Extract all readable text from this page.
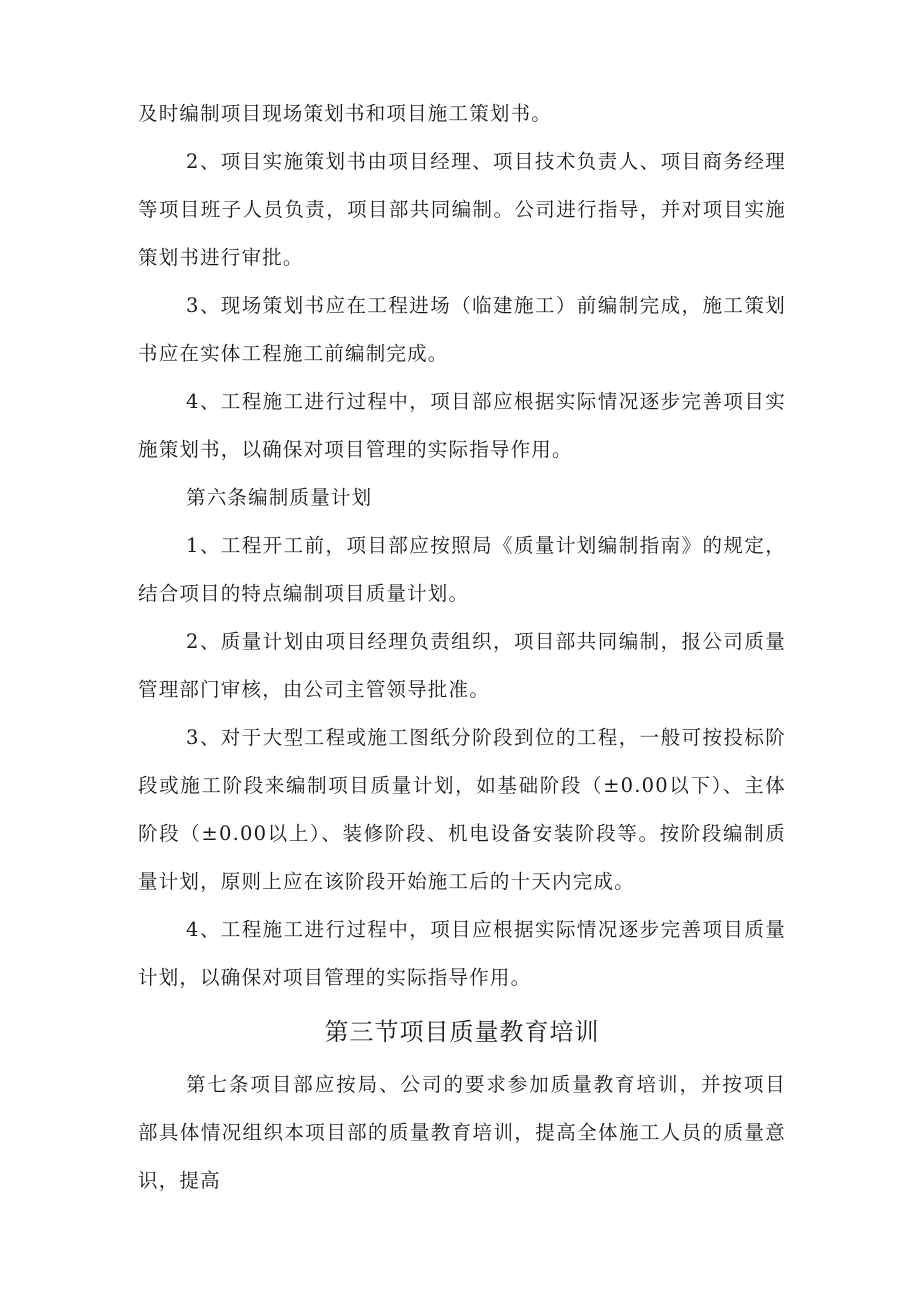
及时编制项目现场策划书和项目施工策划书。

2、项目实施策划书由项目经理、项目技术负责人、项目商务经理等项目班子人员负责，项目部共同编制。公司进行指导，并对项目实施策划书进行审批。

3、现场策划书应在工程进场（临建施工）前编制完成，施工策划书应在实体工程施工前编制完成。

4、工程施工进行过程中，项目部应根据实际情况逐步完善项目实施策划书，以确保对项目管理的实际指导作用。

第六条编制质量计划

1、工程开工前，项目部应按照局《质量计划编制指南》的规定，结合项目的特点编制项目质量计划。

2、质量计划由项目经理负责组织，项目部共同编制，报公司质量管理部门审核，由公司主管领导批准。

3、对于大型工程或施工图纸分阶段到位的工程，一般可按投标阶段或施工阶段来编制项目质量计划，如基础阶段（±0.00以下）、主体阶段（±0.00以上）、装修阶段、机电设备安装阶段等。按阶段编制质量计划，原则上应在该阶段开始施工后的十天内完成。

4、工程施工进行过程中，项目应根据实际情况逐步完善项目质量计划，以确保对项目管理的实际指导作用。

第三节项目质量教育培训

第七条项目部应按局、公司的要求参加质量教育培训，并按项目部具体情况组织本项目部的质量教育培训，提高全体施工人员的质量意识，提高
